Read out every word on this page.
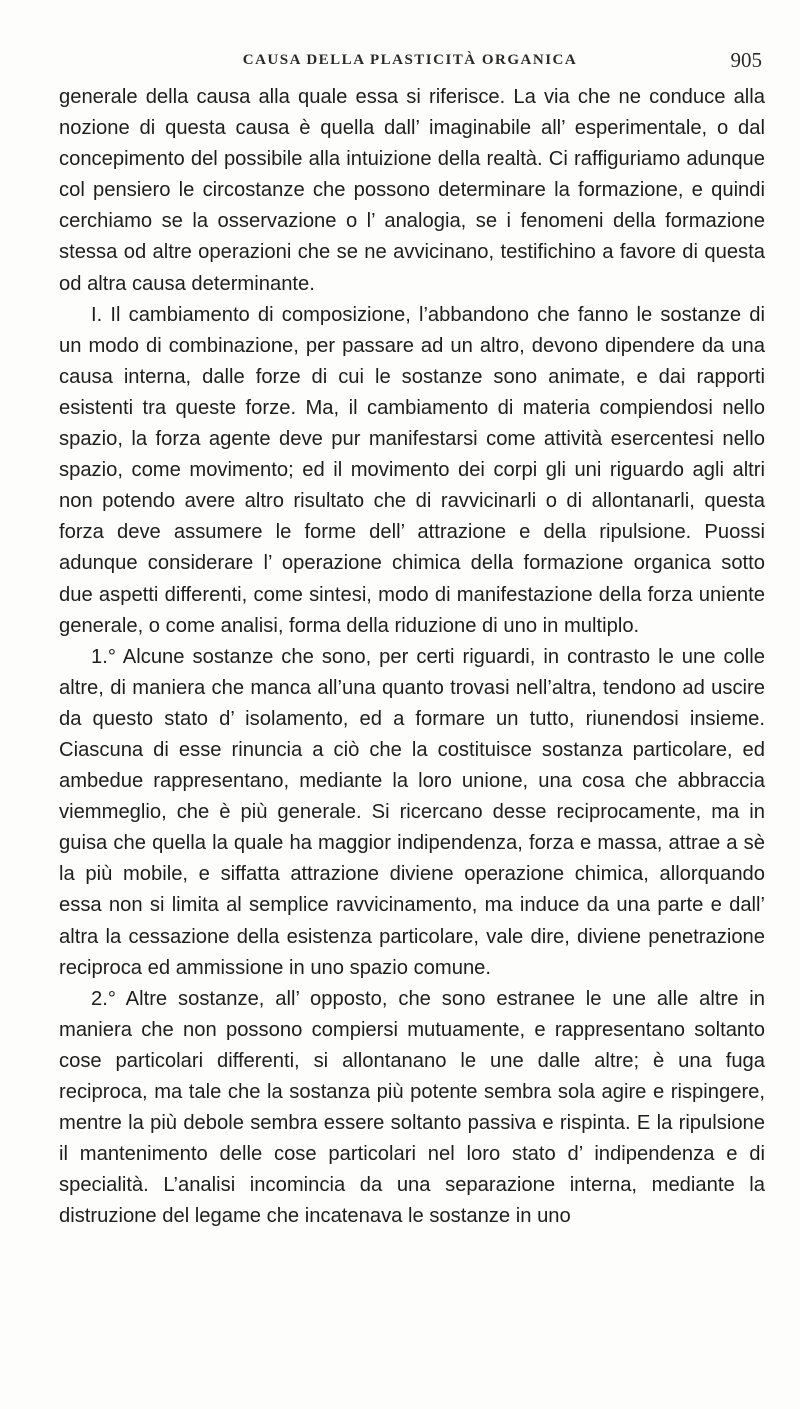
CAUSA DELLA PLASTICITÀ ORGANICA	905

generale della causa alla quale essa si riferisce. La via che ne conduce alla nozione di questa causa è quella dall’ imaginabile all’ esperimentale, o dal concepimento del possibile alla intuizione della realtà. Ci raffiguriamo adunque col pensiero le circostanze che possono determinare la formazione, e quindi cerchiamo se la osservazione o l’ analogia, se i fenomeni della formazione stessa od altre operazioni che se ne avvicinano, testifichino a favore di questa od altra causa determinante.

I. Il cambiamento di composizione, l’abbandono che fanno le sostanze di un modo di combinazione, per passare ad un altro, devono dipendere da una causa interna, dalle forze di cui le sostanze sono animate, e dai rapporti esistenti tra queste forze. Ma, il cambiamento di materia compiendosi nello spazio, la forza agente deve pur manifestarsi come attività esercentesi nello spazio, come movimento; ed il movimento dei corpi gli uni riguardo agli altri non potendo avere altro risultato che di ravvicinarli o di allontanarli, questa forza deve assumere le forme dell’ attrazione e della ripulsione. Puossi adunque considerare l’ operazione chimica della formazione organica sotto due aspetti differenti, come sintesi, modo di manifestazione della forza uniente generale, o come analisi, forma della riduzione di uno in multiplo.

1.° Alcune sostanze che sono, per certi riguardi, in contrasto le une colle altre, di maniera che manca all’una quanto trovasi nell’altra, tendono ad uscire da questo stato d’ isolamento, ed a formare un tutto, riunendosi insieme. Ciascuna di esse rinuncia a ciò che la costituisce sostanza particolare, ed ambedue rappresentano, mediante la loro unione, una cosa che abbraccia viemmeglio, che è più generale. Si ricercano desse reciprocamente, ma in guisa che quella la quale ha maggior indipendenza, forza e massa, attrae a sè la più mobile, e siffatta attrazione diviene operazione chimica, allorquando essa non si limita al semplice ravvicinamento, ma induce da una parte e dall’ altra la cessazione della esistenza particolare, vale dire, diviene penetrazione reciproca ed ammissione in uno spazio comune.

2.° Altre sostanze, all’ opposto, che sono estranee le une alle altre in maniera che non possono compiersi mutuamente, e rappresentano soltanto cose particolari differenti, si allontanano le une dalle altre; è una fuga reciproca, ma tale che la sostanza più potente sembra sola agire e rispingere, mentre la più debole sembra essere soltanto passiva e rispinta. E la ripulsione il mantenimento delle cose particolari nel loro stato d’ indipendenza e di specialità. L’analisi incomincia da una separazione interna, mediante la distruzione del legame che incatenava le sostanze in uno
